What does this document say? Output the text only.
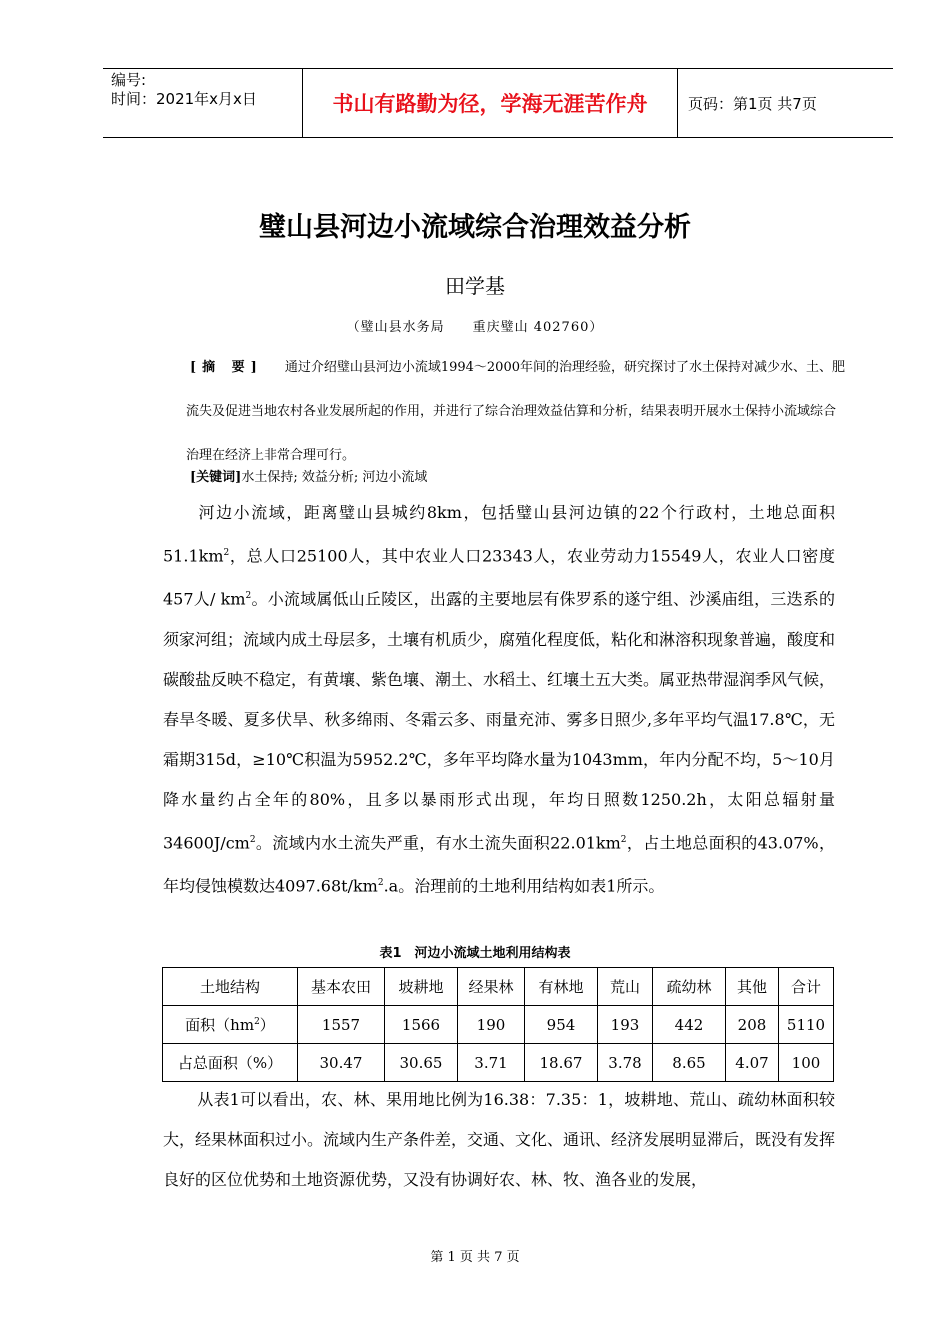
编号:
时间：2021年x月x日	书山有路勤为径，学海无涯苦作舟	页码：第1页 共7页
璧山县河边小流域综合治理效益分析
田学基
（璧山县水务局　　重庆璧山 402760）
[摘 要] 通过介绍璧山县河边小流域1994～2000年间的治理经验，研究探讨了水土保持对减少水、土、肥流失及促进当地农村各业发展所起的作用，并进行了综合治理效益估算和分析，结果表明开展水土保持小流域综合治理在经济上非常合理可行。
[关键词]水土保持; 效益分析; 河边小流域
河边小流域，距离璧山县城约8km，包括璧山县河边镇的22个行政村，土地总面积$51.1km^2$，总人口25100人，其中农业人口23343人，农业劳动力15549人，农业人口密度457人/ $km^2$。小流域属低山丘陵区，出露的主要地层有侏罗系的遂宁组、沙溪庙组，三迭系的须家河组；流域内成土母层多，土壤有机质少，腐殖化程度低，粘化和淋溶积现象普遍，酸度和碳酸盐反映不稳定，有黄壤、紫色壤、潮土、水稻土、红壤土五大类。属亚热带湿润季风气候，春旱冬暖、夏多伏旱、秋多绵雨、冬霜云多、雨量充沛、雾多日照少,多年平均气温17.8℃，无霜期315d，≥10℃积温为5952.2℃，多年平均降水量为1043mm，年内分配不均，5～10月降水量约占全年的80%，且多以暴雨形式出现，年均日照数1250.2h，太阳总辐射量$34600J/cm^2$。流域内水土流失严重，有水土流失面积$22.01km^2$，占土地总面积的43.07%，年均侵蚀模数达$4097.68t/km^2.a$。治理前的土地利用结构如表1所示。
表1　河边小流域土地利用结构表
土地结构	基本农田	坡耕地	经果林	有林地	荒山	疏幼林	其他	合计
面积$(hm^2)$	1557	1566	190	954	193	442	208	5110
占总面积（%）	30.47	30.65	3.71	18.67	3.78	8.65	4.07	100
从表1可以看出，农、林、果用地比例为16.38：7.35：1，坡耕地、荒山、疏幼林面积较大，经果林面积过小。流域内生产条件差，交通、文化、通讯、经济发展明显滞后，既没有发挥良好的区位优势和土地资源优势，又没有协调好农、林、牧、渔各业的发展，
第 1 页 共 7 页
